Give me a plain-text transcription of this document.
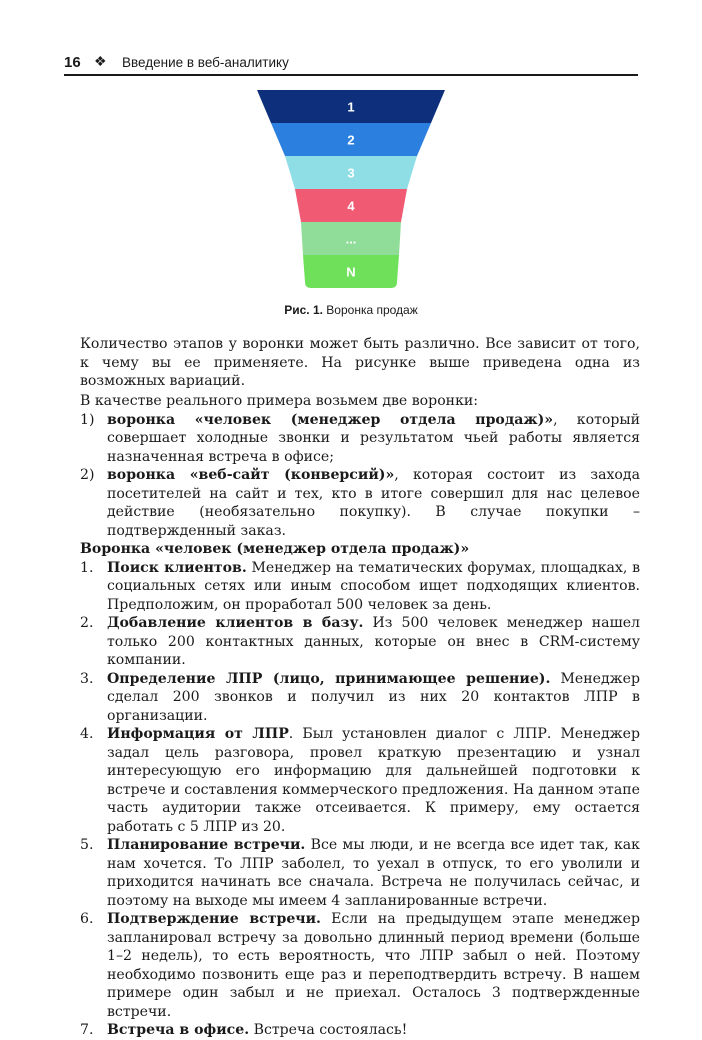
16 ❖ Введение в веб-аналитику
1
2
3
4
...
N
Рис. 1. Воронка продаж
Количество этапов у воронки может быть различно. Все зависит от того, к чему вы ее применяете. На рисунке выше приведена одна из возможных вариаций.
В качестве реального примера возьмем две воронки:
1) воронка «человек (менеджер отдела продаж)», который совершает холодные звонки и результатом чьей работы является назначенная встреча в офисе;
2) воронка «веб-сайт (конверсий)», которая состоит из захода посетителей на сайт и тех, кто в итоге совершил для нас целевое действие (необязательно покупку). В случае покупки – подтвержденный заказ.
Воронка «человек (менеджер отдела продаж)»
1. Поиск клиентов. Менеджер на тематических форумах, площадках, в социальных сетях или иным способом ищет подходящих клиентов. Предположим, он проработал 500 человек за день.
2. Добавление клиентов в базу. Из 500 человек менеджер нашел только 200 контактных данных, которые он внес в CRM-систему компании.
3. Определение ЛПР (лицо, принимающее решение). Менеджер сделал 200 звонков и получил из них 20 контактов ЛПР в организации.
4. Информация от ЛПР. Был установлен диалог с ЛПР. Менеджер задал цель разговора, провел краткую презентацию и узнал интересующую его информацию для дальнейшей подготовки к встрече и составления коммерческого предложения. На данном этапе часть аудитории также отсеивается. К примеру, ему остается работать с 5 ЛПР из 20.
5. Планирование встречи. Все мы люди, и не всегда все идет так, как нам хочется. То ЛПР заболел, то уехал в отпуск, то его уволили и приходится начинать все сначала. Встреча не получилась сейчас, и поэтому на выходе мы имеем 4 запланированные встречи.
6. Подтверждение встречи. Если на предыдущем этапе менеджер запланировал встречу за довольно длинный период времени (больше 1–2 недель), то есть вероятность, что ЛПР забыл о ней. Поэтому необходимо позвонить еще раз и переподтвердить встречу. В нашем примере один забыл и не приехал. Осталось 3 подтвержденные встречи.
7. Встреча в офисе. Встреча состоялась!
